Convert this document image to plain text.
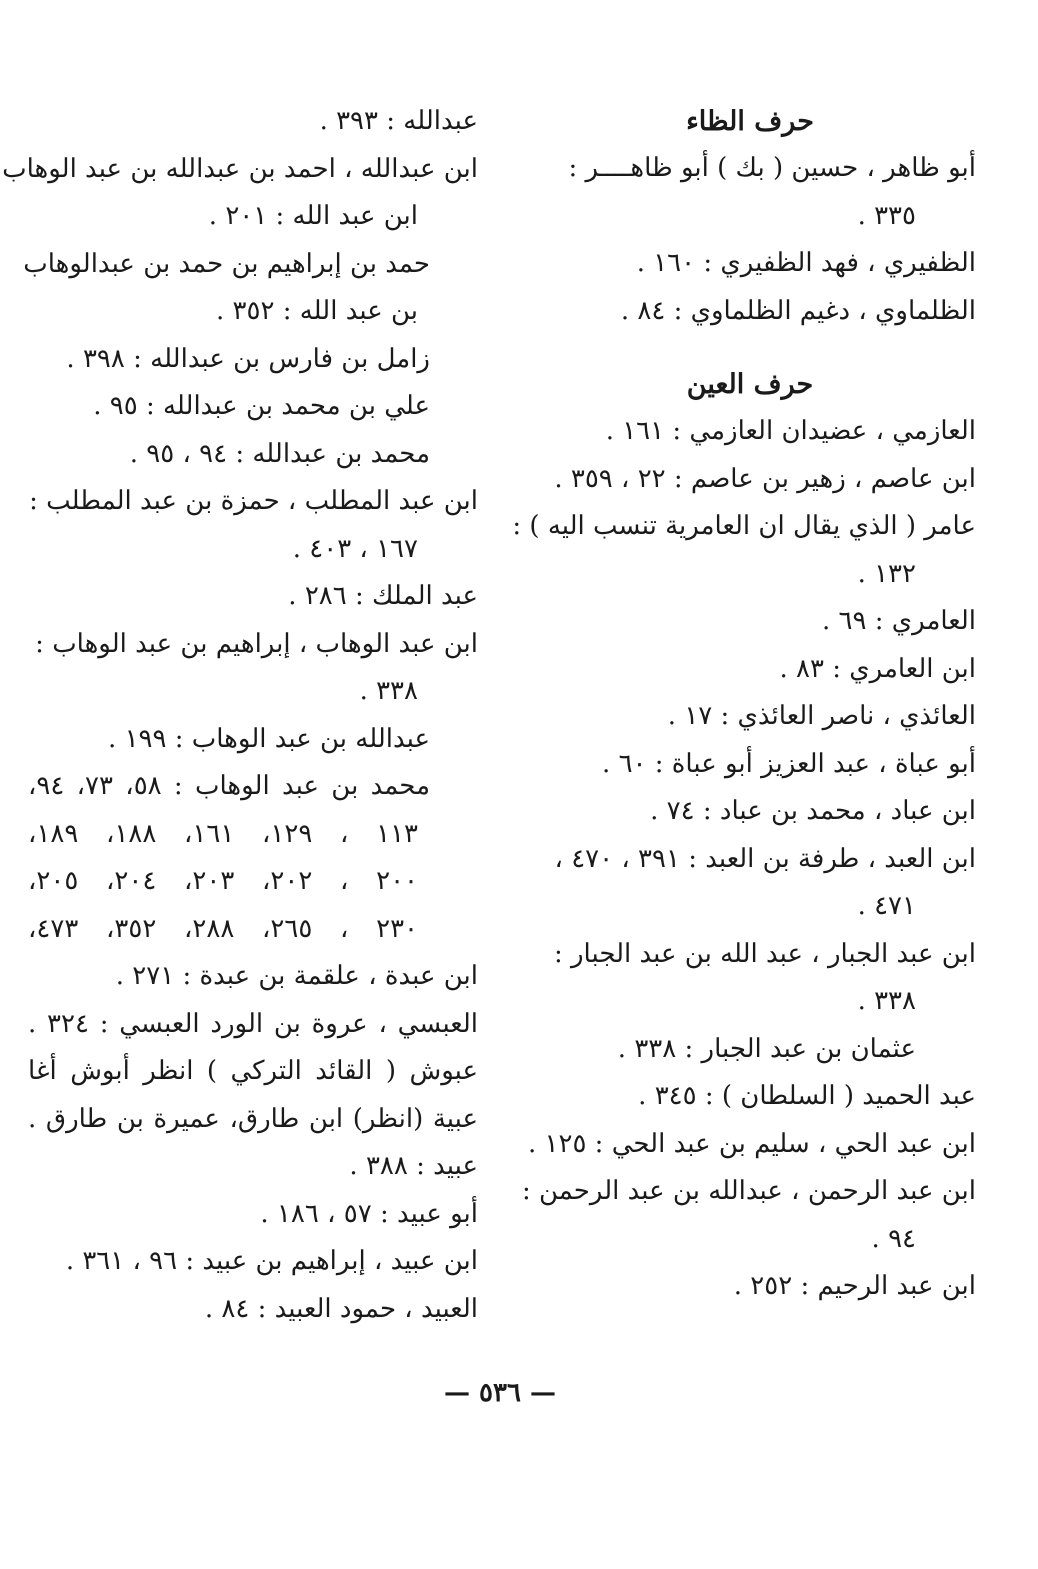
حرف الظاء
أبو ظاهر ، حسين ( بك ) أبو ظاهــــر :
٣٣٥ .
الظفيري ، فهد الظفيري : ١٦٠ .
الظلماوي ، دغيم الظلماوي : ٨٤ .
حرف العين
العازمي ، عضيدان العازمي : ١٦١ .
ابن عاصم ، زهير بن عاصم : ٢٢ ، ٣٥٩ .
عامر ( الذي يقال ان العامرية تنسب اليه ) :
١٣٢ .
العامري : ٦٩ .
ابن العامري : ٨٣ .
العائذي ، ناصر العائذي : ١٧ .
أبو عباة ، عبد العزيز أبو عباة : ٦٠ .
ابن عباد ، محمد بن عباد : ٧٤ .
ابن العبد ، طرفة بن العبد : ٣٩١ ، ٤٧٠ ،
٤٧١ .
ابن عبد الجبار ، عبد الله بن عبد الجبار :
٣٣٨ .
عثمان بن عبد الجبار : ٣٣٨ .
عبد الحميد ( السلطان ) : ٣٤٥ .
ابن عبد الحي ، سليم بن عبد الحي : ١٢٥ .
ابن عبد الرحمن ، عبدالله بن عبد الرحمن :
٩٤ .
ابن عبد الرحيم : ٢٥٢ .
عبدالله : ٣٩٣ .
ابن عبدالله ، احمد بن عبدالله بن عبد الوهاب
ابن عبد الله : ٢٠١ .
حمد بن إبراهيم بن حمد بن عبدالوهاب
بن عبد الله : ٣٥٢ .
زامل بن فارس بن عبدالله : ٣٩٨ .
علي بن محمد بن عبدالله : ٩٥ .
محمد بن عبدالله : ٩٤ ، ٩٥ .
ابن عبد المطلب ، حمزة بن عبد المطلب :
١٦٧ ، ٤٠٣ .
عبد الملك : ٢٨٦ .
ابن عبد الوهاب ، إبراهيم بن عبد الوهاب :
٣٣٨ .
عبدالله بن عبد الوهاب : ١٩٩ .
محمد بن عبد الوهاب : ٥٨، ٧٣، ٩٤،
١١٣ ، ١٢٩، ١٦١، ١٨٨، ١٨٩،
٢٠٠ ، ٢٠٢، ٢٠٣، ٢٠٤، ٢٠٥،
٢٣٠ ، ٢٦٥، ٢٨٨، ٣٥٢، ٤٧٣،
ابن عبدة ، علقمة بن عبدة : ٢٧١ .
العبسي ، عروة بن الورد العبسي : ٣٢٤ .
عبوش ( القائد التركي ) انظر أبوش أغا
عبية (انظر) ابن طارق، عميرة بن طارق .
عبيد : ٣٨٨ .
أبو عبيد : ٥٧ ، ١٨٦ .
ابن عبيد ، إبراهيم بن عبيد : ٩٦ ، ٣٦١ .
العبيد ، حمود العبيد : ٨٤ .
— ٥٣٦ —
